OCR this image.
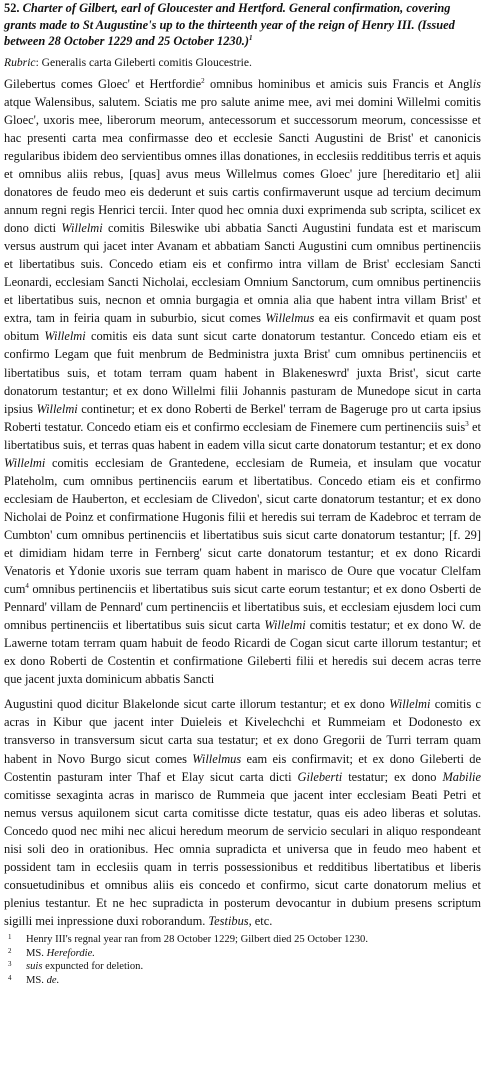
52. Charter of Gilbert, earl of Gloucester and Hertford. General confirmation, covering grants made to St Augustine's up to the thirteenth year of the reign of Henry III. (Issued between 28 October 1229 and 25 October 1230.)$^1$
Rubric: Generalis carta Gileberti comitis Gloucestrie.

Gilebertus comes Gloec' et Hertfordie$^2$ omnibus hominibus et amicis suis Francis et Anglis atque Walensibus, salutem. Sciatis me pro salute anime mee, avi mei domini Willelmi comitis Gloec', uxoris mee, liberorum meorum, antecessorum et successorum meorum, concessisse et hac presenti carta mea confirmasse deo et ecclesie Sancti Augustini de Brist' et canonicis regularibus ibidem deo servientibus omnes illas donationes, in ecclesiis redditibus terris et aquis et omnibus aliis rebus, [quas] avus meus Willelmus comes Gloec' jure [hereditario et] alii donatores de feudo meo eis dederunt et suis cartis confirmaverunt usque ad tercium decimum annum regni regis Henrici tercii. Inter quod hec omnia duxi exprimenda sub scripta, scilicet ex dono dicti Willelmi comitis Bileswike ubi abbatia Sancti Augustini fundata est et mariscum versus austrum qui jacet inter Avanam et abbatiam Sancti Augustini cum omnibus pertinenciis et libertatibus suis. Concedo etiam eis et confirmo intra villam de Brist' ecclesiam Sancti Leonardi, ecclesiam Sancti Nicholai, ecclesiam Omnium Sanctorum, cum omnibus pertinenciis et libertatibus suis, necnon et omnia burgagia et omnia alia que habent intra villam Brist' et extra, tam in feiria quam in suburbio, sicut comes Willelmus ea eis confirmavit et quam post obitum Willelmi comitis eis data sunt sicut carte donatorum testantur. Concedo etiam eis et confirmo Legam que fuit menbrum de Bedministra juxta Brist' cum omnibus pertinenciis et libertatibus suis, et totam terram quam habent in Blakeneswrd' juxta Brist', sicut carte donatorum testantur; et ex dono Willelmi filii Johannis pasturam de Munedope sicut in carta ipsius Willelmi continetur; et ex dono Roberti de Berkel' terram de Bageruge pro ut carta ipsius Roberti testatur. Concedo etiam eis et confirmo ecclesiam de Finemere cum pertinenciis suis$^3$ et libertatibus suis, et terras quas habent in eadem villa sicut carte donatorum testantur; et ex dono Willelmi comitis ecclesiam de Grantedene, ecclesiam de Rumeia, et insulam que vocatur Plateholm, cum omnibus pertinenciis earum et libertatibus. Concedo etiam eis et confirmo ecclesiam de Hauberton, et ecclesiam de Clivedon', sicut carte donatorum testantur; et ex dono Nicholai de Poinz et confirmatione Hugonis filii et heredis sui terram de Kadebroc et terram de Cumbton' cum omnibus pertinenciis et libertatibus suis sicut carte donatorum testantur; [f. 29] et dimidiam hidam terre in Fernberg' sicut carte donatorum testantur; et ex dono Ricardi Venatoris et Ydonie uxoris sue terram quam habent in marisco de Oure que vocatur Clelfam cum$^4$ omnibus pertinenciis et libertatibus suis sicut carte eorum testantur; et ex dono Osberti de Pennard' villam de Pennard' cum pertinenciis et libertatibus suis, et ecclesiam ejusdem loci cum omnibus pertinenciis et libertatibus suis sicut carta Willelmi comitis testatur; et ex dono W. de Lawerne totam terram quam habuit de feodo Ricardi de Cogan sicut carte illorum testantur; et ex dono Roberti de Costentin et confirmatione Gileberti filii et heredis sui decem acras terre que jacent juxta dominicum abbatis Sancti

Augustini quod dicitur Blakelonde sicut carte illorum testantur; et ex dono Willelmi comitis c acras in Kibur que jacent inter Duieleis et Kivelechchi et Rummeiam et Dodonesto ex transverso in transversum sicut carta sua testatur; et ex dono Gregorii de Turri terram quam habent in Novo Burgo sicut comes Willelmus eam eis confirmavit; et ex dono Gileberti de Costentin pasturam inter Thaf et Elay sicut carta dicti Gileberti testatur; ex dono Mabilie comitisse sexaginta acras in marisco de Rummeia que jacent inter ecclesiam Beati Petri et nemus versus aquilonem sicut carta comitisse dicte testatur, quas eis adeo liberas et solutas. Concedo quod nec mihi nec alicui heredum meorum de servicio seculari in aliquo respondeant nisi soli deo in orationibus. Hec omnia supradicta et universa que in feudo meo habent et possident tam in ecclesiis quam in terris possessionibus et redditibus libertatibus et liberis consuetudinibus et omnibus aliis eis concedo et confirmo, sicut carte donatorum melius et plenius testantur. Et ne hec supradicta in posterum devocantur in dubium presens scriptum sigilli mei inpressione duxi roborandum. Testibus, etc.

1	Henry III's regnal year ran from 28 October 1229; Gilbert died 25 October 1230.
2	MS. Herefordie.
3	suis expuncted for deletion.
4	MS. de.
